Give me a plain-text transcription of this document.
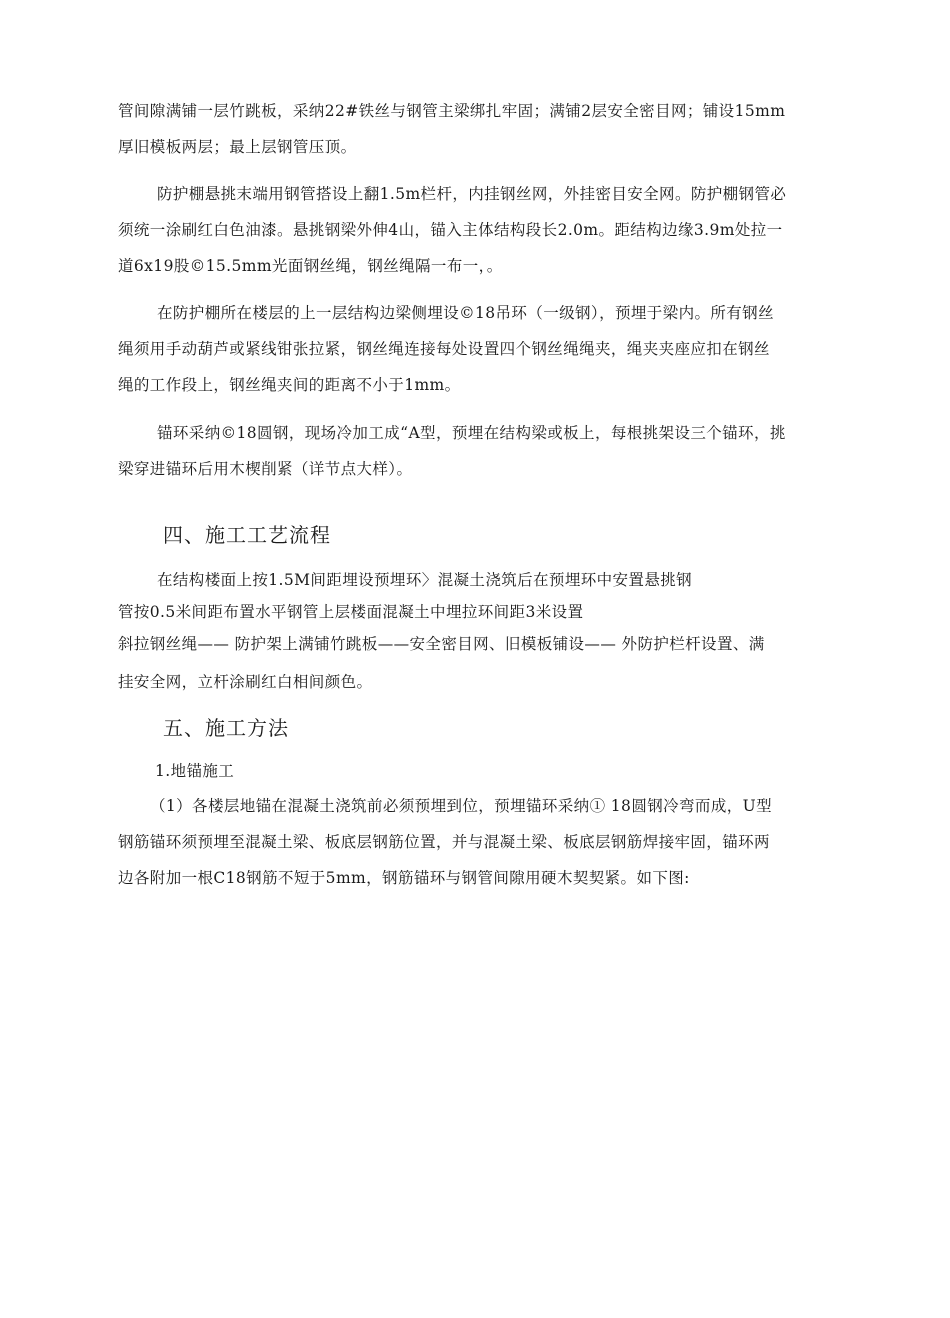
管间隙满铺一层竹跳板，采纳22#铁丝与钢管主梁绑扎牢固；满铺2层安全密目网；铺设15mm
厚旧模板两层；最上层钢管压顶。
防护棚悬挑末端用钢管搭设上翻1.5m栏杆，内挂钢丝网，外挂密目安全网。防护棚钢管必
须统一涂刷红白色油漆。悬挑钢梁外伸4山，锚入主体结构段长2.0m。距结构边缘3.9m处拉一
道6x19股©15.5mm光面钢丝绳，钢丝绳隔一布一，。
在防护棚所在楼层的上一层结构边梁侧埋设©18吊环（一级钢），预埋于梁内。所有钢丝
绳须用手动葫芦或紧线钳张拉紧，钢丝绳连接每处设置四个钢丝绳绳夹，绳夹夹座应扣在钢丝
绳的工作段上，钢丝绳夹间的距离不小于1mm。
锚环采纳©18圆钢，现场冷加工成“A型，预埋在结构梁或板上，每根挑架设三个锚环，挑
梁穿进锚环后用木楔削紧（详节点大样）。
四、施工工艺流程
在结构楼面上按1.5M间距埋设预埋环〉混凝土浇筑后在预埋环中安置悬挑钢
管按0.5米间距布置水平钢管上层楼面混凝土中埋拉环间距3米设置
斜拉钢丝绳—— 防护架上满铺竹跳板——安全密目网、旧模板铺设—— 外防护栏杆设置、满
挂安全网，立杆涂刷红白相间颜色。
五、施工方法
1.地锚施工
（1）各楼层地锚在混凝土浇筑前必须预埋到位，预埋锚环采纳① 18圆钢冷弯而成，U型
钢筋锚环须预埋至混凝土梁、板底层钢筋位置，并与混凝土梁、板底层钢筋焊接牢固，锚环两
边各附加一根C18钢筋不短于5mm，钢筋锚环与钢管间隙用硬木契契紧。如下图:
